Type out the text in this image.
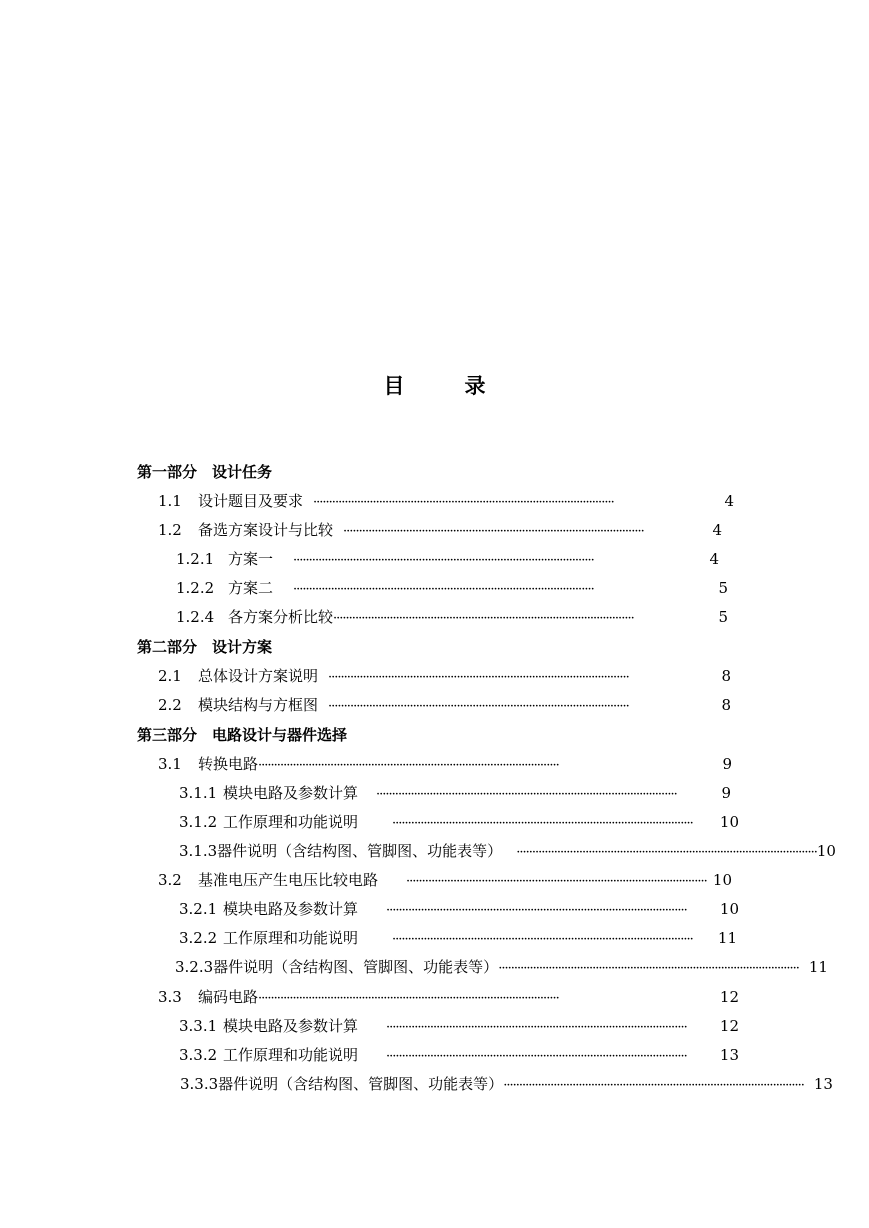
目	录
第一部分　设计任务
1.1	设计题目及要求 ································································································	4
1.2	备选方案设计与比较 ································································································	4
1.2.1 方案一 ································································································	4
1.2.2 方案二 ································································································	5
1.2.4 各方案分析比较 ································································································	5
第二部分　设计方案
2.1	总体设计方案说明 ································································································	8
2.2	模块结构与方框图 ································································································	8
第三部分　电路设计与器件选择
3.1	转换电路 ································································································	9
3.1.1 模块电路及参数计算 ································································································	9
3.1.2 工作原理和功能说明	································································································	10
3.1.3 器件说明（含结构图、管脚图、功能表等） ································································································ 10
3.2	基准电压产生电压比较电路 ································································································ 10
3.2.1 模块电路及参数计算 ································································································	10
3.2.2 工作原理和功能说明	································································································	11
3.2.3 器件说明（含结构图、管脚图、功能表等） ································································································ 11
3.3	编码电路 ································································································	12
3.3.1 模块电路及参数计算 ································································································	12
3.3.2 工作原理和功能说明 ································································································	13
3.3.3 器件说明（含结构图、管脚图、功能表等） ································································································ 13
